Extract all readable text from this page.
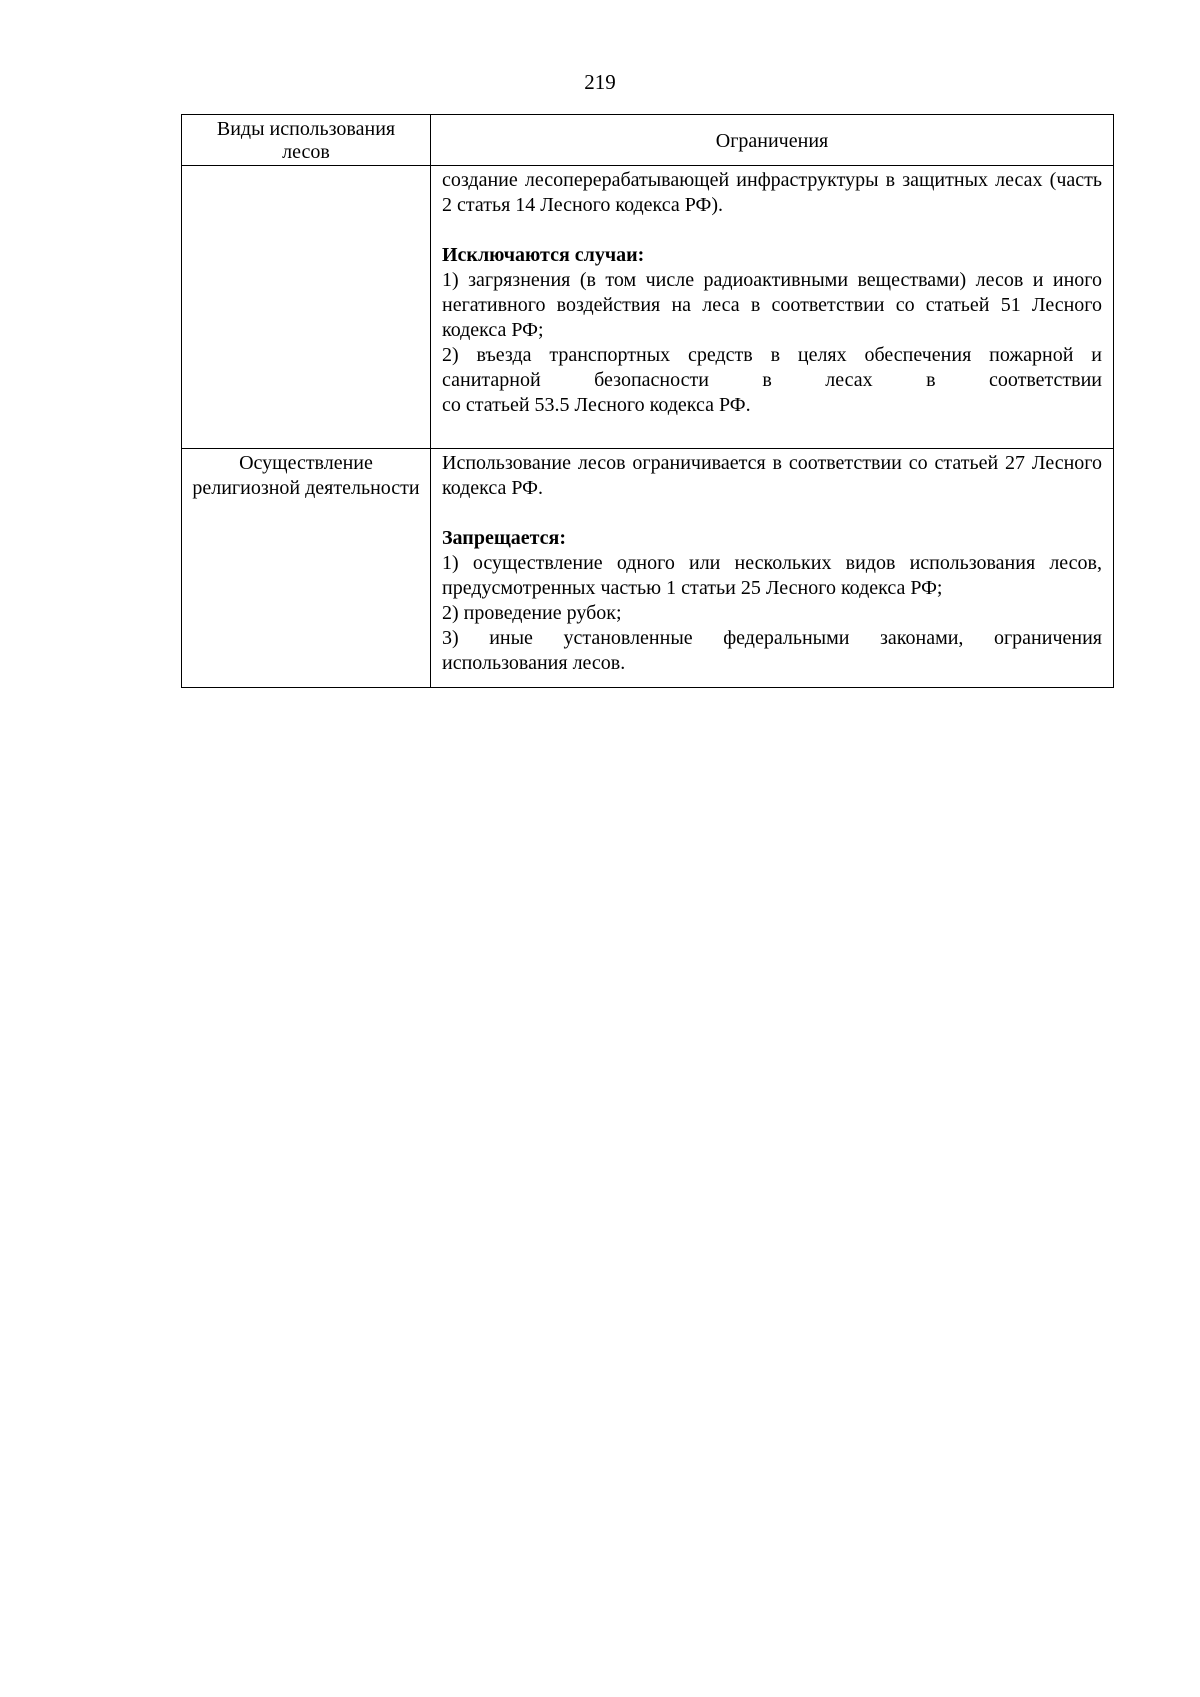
219
Виды использования лесов	Ограничения

	создание лесоперерабатывающей инфраструктуры в защитных лесах (часть 2 статья 14 Лесного кодекса РФ).

Исключаются случаи:

1) загрязнения (в том числе радиоактивными веществами) лесов и иного негативного воздействия на леса в соответствии со статьей 51 Лесного кодекса РФ;

2) въезда транспортных средств в целях обеспечения пожарной и санитарной безопасности в лесах в соответствии

со статьей 53.5 Лесного кодекса РФ.

Осуществление религиозной деятельности	Использование лесов ограничивается в соответствии со статьей 27 Лесного кодекса РФ.

Запрещается:

1) осуществление одного или нескольких видов использования лесов, предусмотренных частью 1 статьи 25 Лесного кодекса РФ;

2) проведение рубок;

3) иные установленные федеральными законами, ограничения использования лесов.
